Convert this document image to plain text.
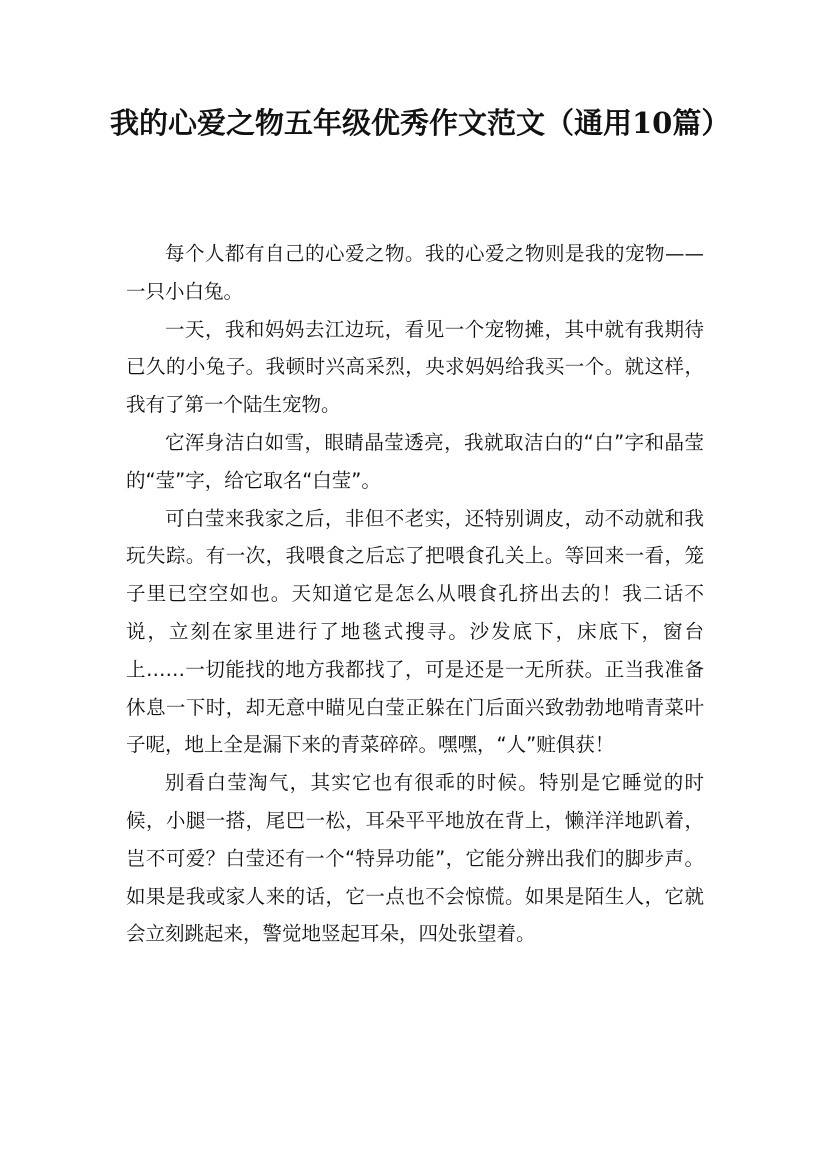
我的心爱之物五年级优秀作文范文（通用10篇）

每个人都有自己的心爱之物。我的心爱之物则是我的宠物——一只小白兔。

一天，我和妈妈去江边玩，看见一个宠物摊，其中就有我期待已久的小兔子。我顿时兴高采烈，央求妈妈给我买一个。就这样，我有了第一个陆生宠物。

它浑身洁白如雪，眼睛晶莹透亮，我就取洁白的“白”字和晶莹的“莹”字，给它取名“白莹”。

可白莹来我家之后，非但不老实，还特别调皮，动不动就和我玩失踪。有一次，我喂食之后忘了把喂食孔关上。等回来一看，笼子里已空空如也。天知道它是怎么从喂食孔挤出去的！我二话不说，立刻在家里进行了地毯式搜寻。沙发底下，床底下，窗台上……一切能找的地方我都找了，可是还是一无所获。正当我准备休息一下时，却无意中瞄见白莹正躲在门后面兴致勃勃地啃青菜叶子呢，地上全是漏下来的青菜碎碎。嘿嘿，“人”赃俱获！

别看白莹淘气，其实它也有很乖的时候。特别是它睡觉的时候，小腿一搭，尾巴一松，耳朵平平地放在背上，懒洋洋地趴着，岂不可爱？白莹还有一个“特异功能”，它能分辨出我们的脚步声。如果是我或家人来的话，它一点也不会惊慌。如果是陌生人，它就会立刻跳起来，警觉地竖起耳朵，四处张望着。
